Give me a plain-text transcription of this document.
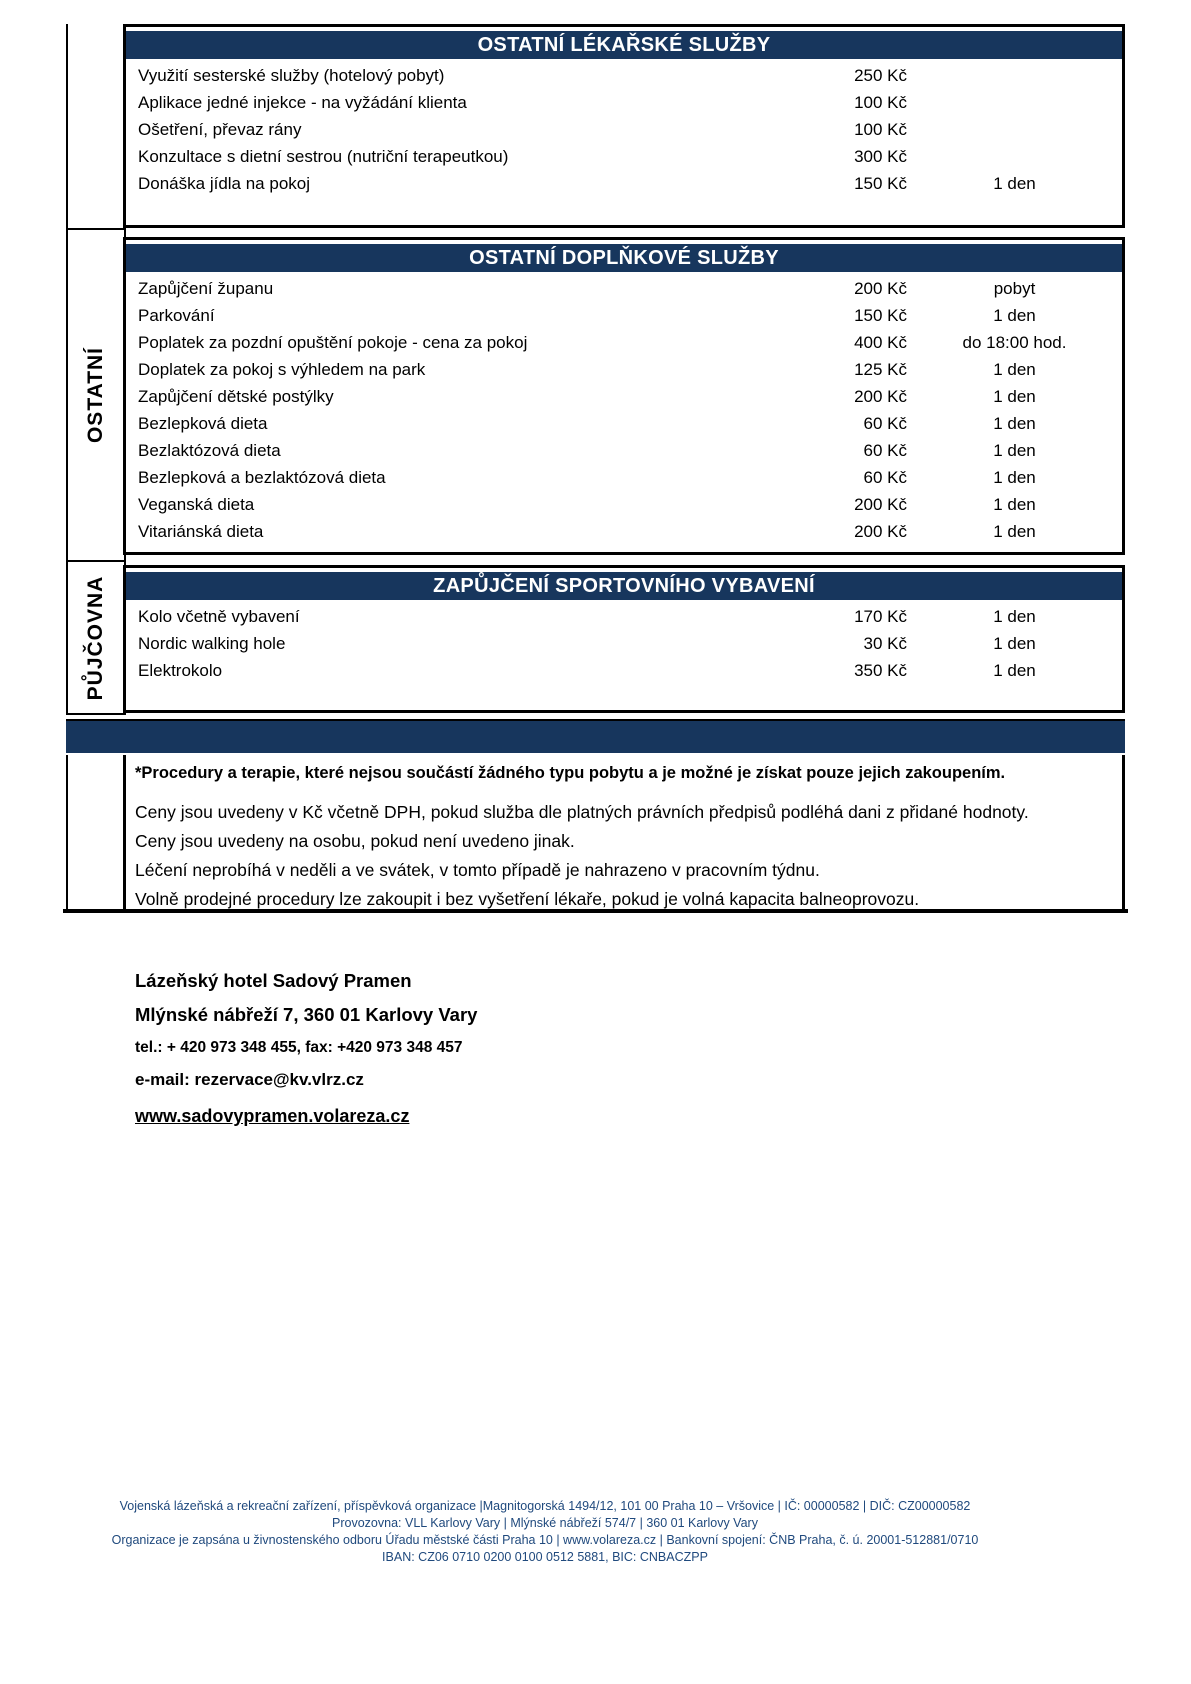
OSTATNÍ
PŮJČOVNA
OSTATNÍ LÉKAŘSKÉ SLUŽBY
Využití sesterské služby (hotelový pobyt)	250 Kč
Aplikace jedné injekce - na vyžádání klienta	100 Kč
Ošetření, převaz rány	100 Kč
Konzultace s dietní sestrou (nutriční terapeutkou)	300 Kč
Donáška jídla na pokoj	150 Kč	1 den
OSTATNÍ DOPLŇKOVÉ SLUŽBY
Zapůjčení županu	200 Kč	pobyt
Parkování	150 Kč	1 den
Poplatek za pozdní opuštění pokoje - cena za pokoj	400 Kč	do 18:00 hod.
Doplatek za pokoj s výhledem na park	125 Kč	1 den
Zapůjčení dětské postýlky	200 Kč	1 den
Bezlepková dieta	60 Kč	1 den
Bezlaktózová dieta	60 Kč	1 den
Bezlepková a bezlaktózová dieta	60 Kč	1 den
Veganská dieta	200 Kč	1 den
Vitariánská dieta	200 Kč	1 den
ZAPŮJČENÍ SPORTOVNÍHO VYBAVENÍ
Kolo včetně vybavení	170 Kč	1 den
Nordic walking hole	30 Kč	1 den
Elektrokolo	350 Kč	1 den
*Procedury a terapie, které nejsou součástí žádného typu pobytu a je možné je získat pouze jejich zakoupením.
Ceny jsou uvedeny v Kč včetně DPH, pokud služba dle platných právních předpisů podléhá dani z přidané hodnoty.
Ceny jsou uvedeny na osobu, pokud není uvedeno jinak.
Léčení neprobíhá v neděli a ve svátek, v tomto případě je nahrazeno v pracovním týdnu.
Volně prodejné procedury lze zakoupit i bez vyšetření lékaře, pokud je volná kapacita balneoprovozu.
Lázeňský hotel Sadový Pramen
Mlýnské nábřeží 7, 360 01 Karlovy Vary
tel.: + 420 973 348 455, fax: +420 973 348 457
e-mail: rezervace@kv.vlrz.cz
www.sadovypramen.volareza.cz
Vojenská lázeňská a rekreační zařízení, příspěvková organizace |Magnitogorská 1494/12, 101 00 Praha 10 – Vršovice | IČ: 00000582 | DIČ: CZ00000582
Provozovna: VLL Karlovy Vary | Mlýnské nábřeží 574/7 | 360 01 Karlovy Vary
Organizace je zapsána u živnostenského odboru Úřadu městské části Praha 10 | www.volareza.cz | Bankovní spojení: ČNB Praha, č. ú. 20001-512881/0710
IBAN: CZ06 0710 0200 0100 0512 5881, BIC: CNBACZPP
